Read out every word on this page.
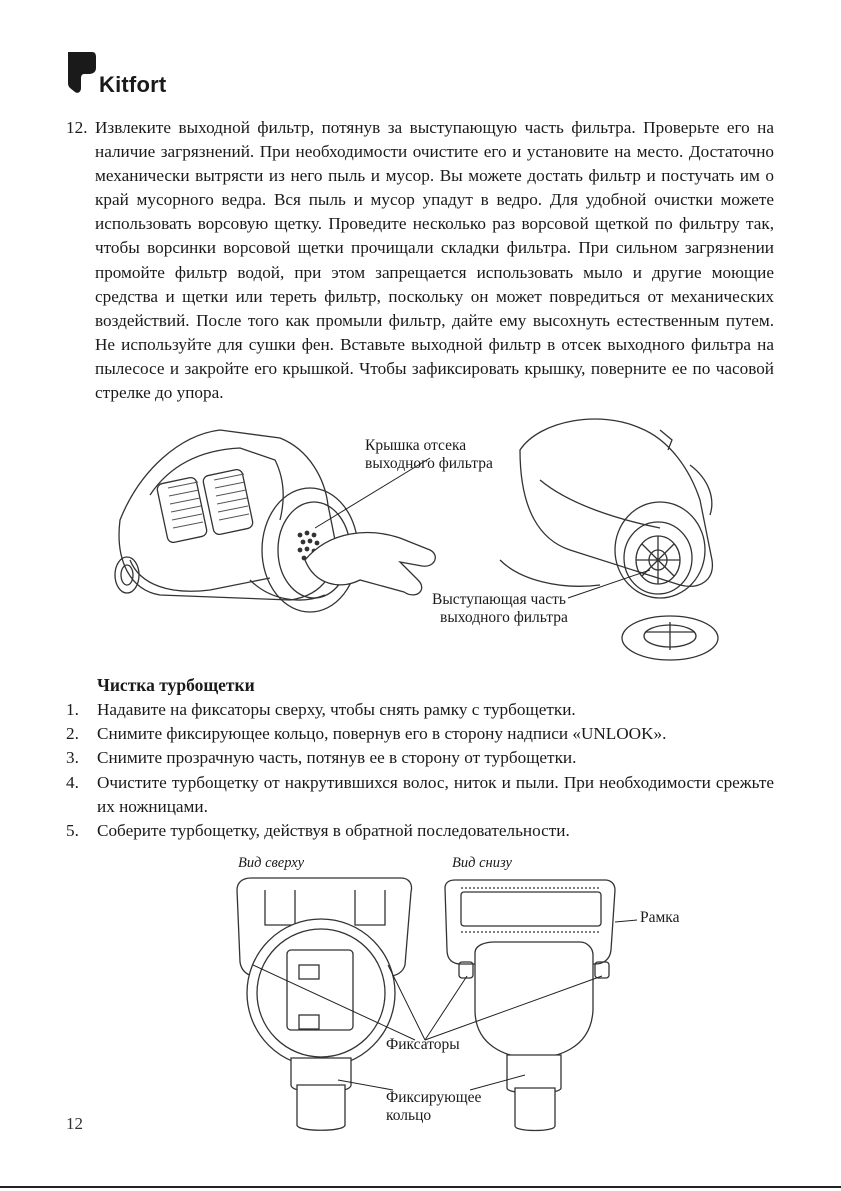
Kitfort
12. Извлеките выходной фильтр, потянув за выступающую часть фильтра. Проверьте его на наличие загрязнений. При необходимости очистите его и установите на место. Достаточно механически вытрясти из него пыль и мусор. Вы можете достать фильтр и постучать им о край мусорного ведра. Вся пыль и мусор упадут в ведро. Для удобной очистки можете использовать ворсовую щетку. Проведите несколько раз ворсовой щеткой по фильтру так, чтобы ворсинки ворсовой щетки прочищали складки фильтра. При сильном загрязнении промойте фильтр водой, при этом запрещается использовать мыло и другие моющие средства и щетки или тереть фильтр, поскольку он может повредиться от механических воздействий. После того как промыли фильтр, дайте ему высохнуть естественным путем. Не используйте для сушки фен. Вставьте выходной фильтр в отсек выходного фильтра на пылесосе и закройте его крышкой. Чтобы зафиксировать крышку, поверните ее по часовой стрелке до упора.
Крышка отсека
выходного фильтра
Выступающая часть
выходного фильтра
Чистка турбощетки
1. Надавите на фиксаторы сверху, чтобы снять рамку с турбощетки.
2. Снимите фиксирующее кольцо, повернув его в сторону надписи «UNLOOK».
3. Снимите прозрачную часть, потянув ее в сторону от турбощетки.
4. Очистите турбощетку от накрутившихся волос, ниток и пыли. При необходимости срежьте их ножницами.
5. Соберите турбощетку, действуя в обратной последовательности.
Вид сверху	Вид снизу
Рамка
Фиксаторы
Фиксирующее
кольцо
12
